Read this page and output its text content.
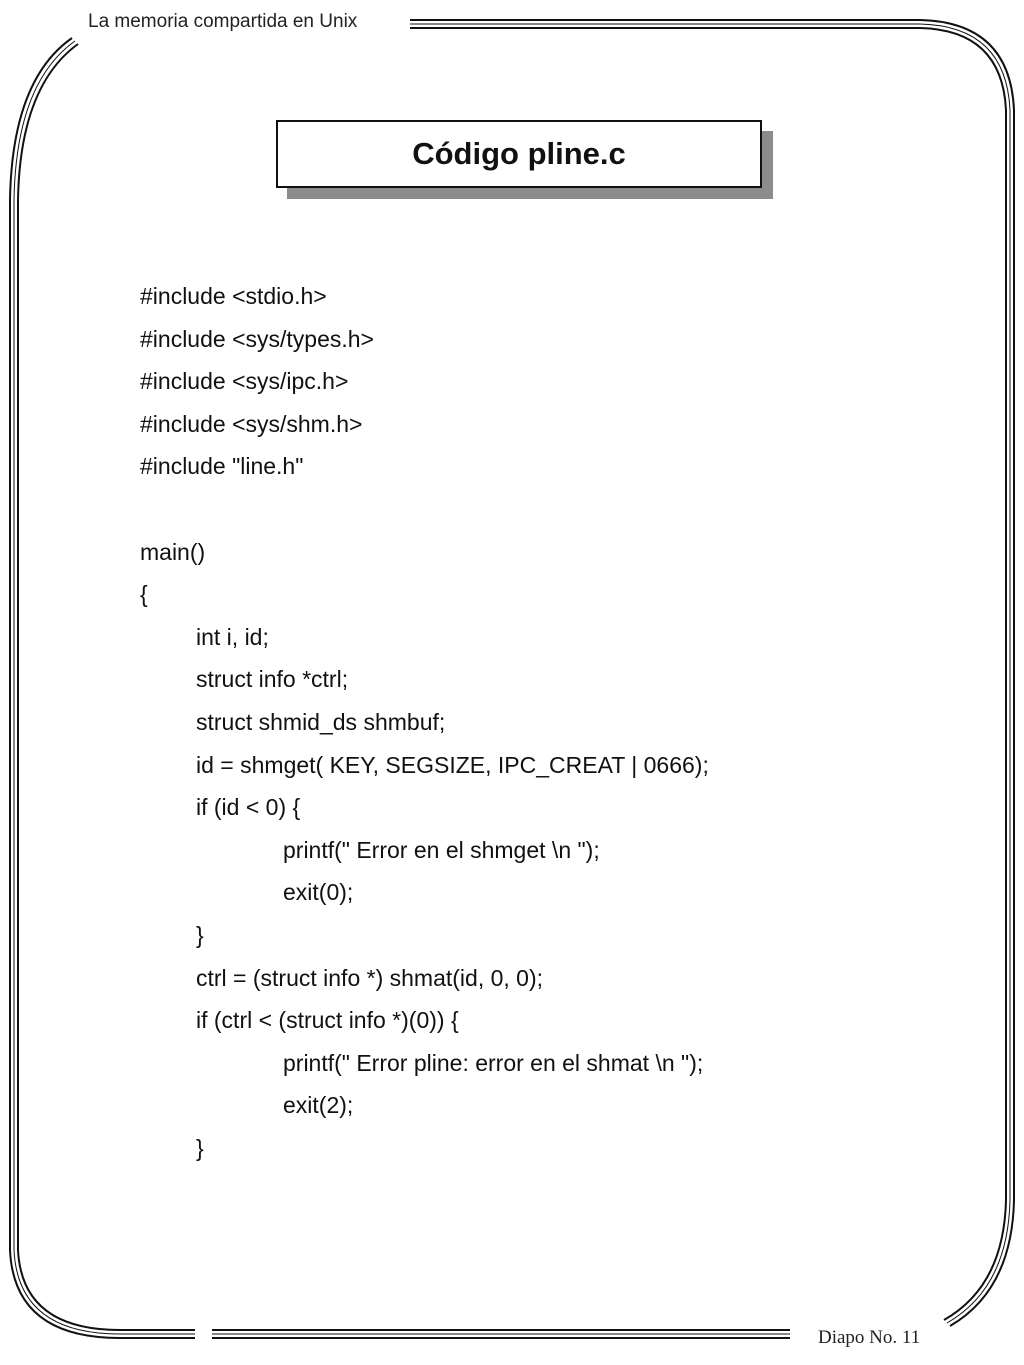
La memoria compartida en Unix
Diapo No. 11
Código pline.c
#include <stdio.h>
#include <sys/types.h>
#include <sys/ipc.h>
#include <sys/shm.h>
#include "line.h"
main()
{
int i, id;
struct info *ctrl;
struct shmid_ds shmbuf;
id = shmget( KEY, SEGSIZE, IPC_CREAT | 0666);
if (id < 0) {
printf(" Error en el shmget \n ");
exit(0);
}
ctrl = (struct info *) shmat(id, 0, 0);
if (ctrl < (struct info *)(0)) {
printf(" Error pline: error en el shmat \n ");
exit(2);
}
